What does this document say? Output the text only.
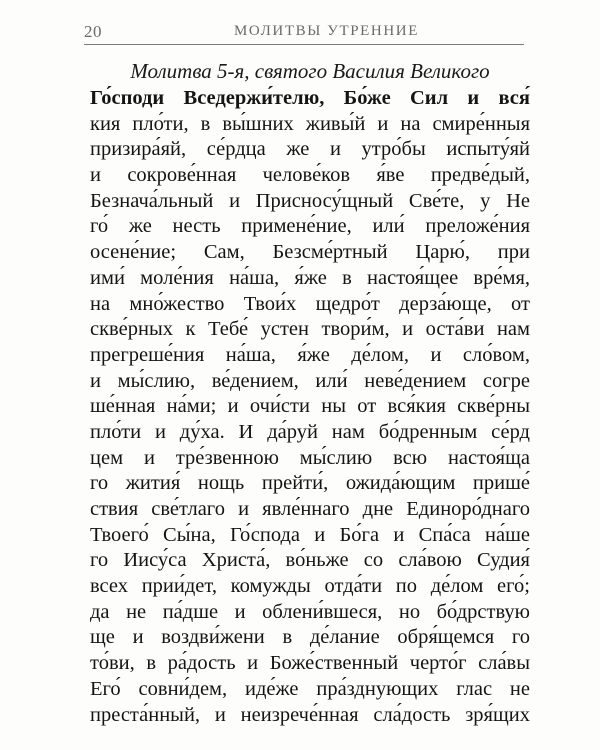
20	МОЛИТВЫ УТРЕННИЕ
Молитва 5-я, святого Василия Великого
Го́споди Вседержи́телю, Бо́же Сил и вся́
кия пло́ти, в вы́шних живы́й и на смире́нныя
призира́яй, се́рдца же и утро́бы испыту́яй
и сокрове́нная челове́ков я́ве предве́дый,
Безнача́льный и Присносу́щный Све́те, у Не
го́ же несть примене́ние, или́ преложе́ния
осене́ние; Сам, Безсме́ртный Царю́, при
ими́ моле́ния на́ша, я́же в настоя́щее вре́мя,
на мно́жество Твои́х щедро́т дерза́юще, от
скве́рных к Тебе́ устен твори́м, и оста́ви нам
прегреше́ния на́ша, я́же де́лом, и сло́вом,
и мы́слию, ве́дением, или́ неве́дением согре
ше́нная на́ми; и очи́сти ны от вся́кия скве́рны
пло́ти и ду́ха. И да́руй нам бо́дренным се́рд
цем и тре́звенною мы́слию всю настоя́ща
го жития́ нощь прейти́, ожида́ющим прише́
ствия све́тлаго и явле́ннаго дне Единоро́днаго
Твоего́ Сы́на, Го́спода и Бо́га и Спа́са на́ше
го Иису́са Христа́, во́ньже со сла́вою Судия́
всех прии́дет, комужды отда́ти по де́лом его́;
да не па́дше и облени́вшеся, но бо́дрствую
ще и воздви́жени в де́лание обря́щемся го
то́ви, в ра́дость и Боже́ственный черто́г сла́вы
Его́ совни́дем, иде́же пра́зднующих глас не
преста́нный, и неизрече́нная сла́дость зря́щих
